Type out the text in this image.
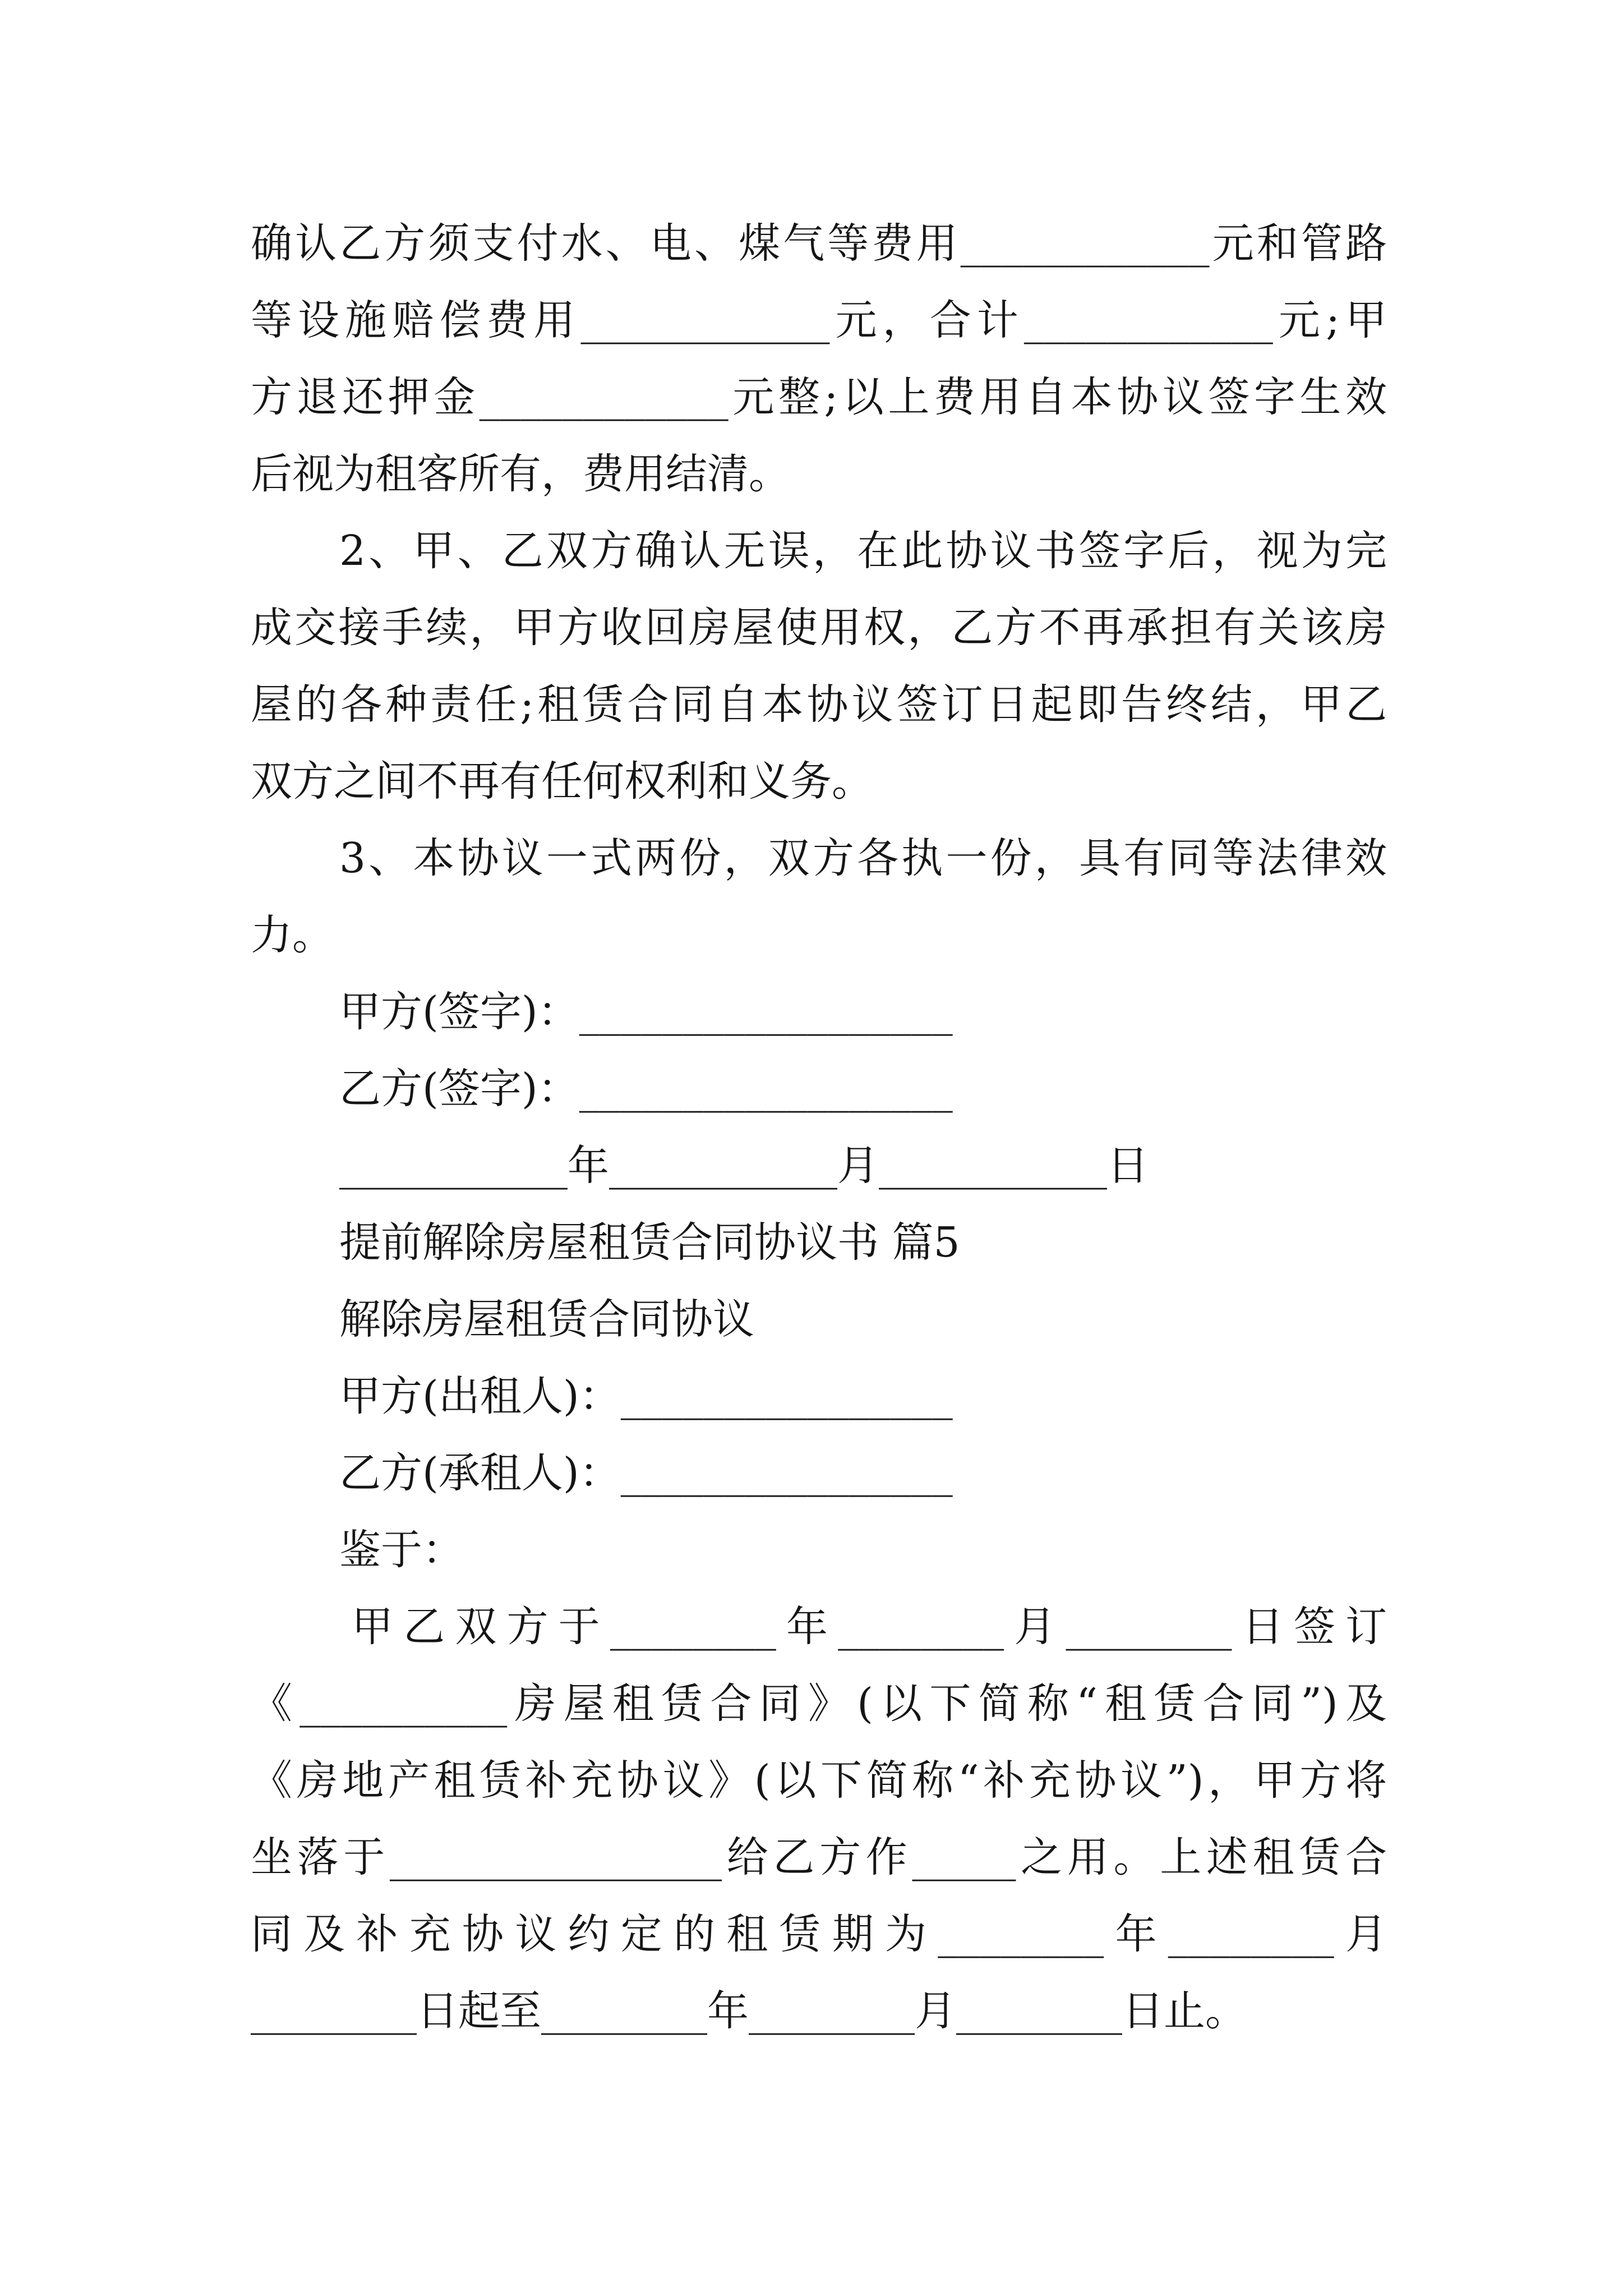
确认乙方须支付水、电、煤气等费用____________元和管路
等设施赔偿费用____________元，合计____________元;甲
方退还押金____________元整;以上费用自本协议签字生效
后视为租客所有，费用结清。
2、甲、乙双方确认无误，在此协议书签字后，视为完
成交接手续，甲方收回房屋使用权，乙方不再承担有关该房
屋的各种责任;租赁合同自本协议签订日起即告终结，甲乙
双方之间不再有任何权利和义务。
3、本协议一式两份，双方各执一份，具有同等法律效
力。
甲方(签字)：__________________
乙方(签字)：__________________
___________年___________月___________日
提前解除房屋租赁合同协议书 篇5
解除房屋租赁合同协议
甲方(出租人)：________________
乙方(承租人)：________________
鉴于：
甲乙双方于________年________月________日签订
《__________房屋租赁合同》(以下简称“租赁合同”)及
《房地产租赁补充协议》(以下简称“补充协议”)，甲方将
坐落于________________给乙方作_____之用。上述租赁合
同及补充协议约定的租赁期为________年________月
________日起至________年________月________日止。
